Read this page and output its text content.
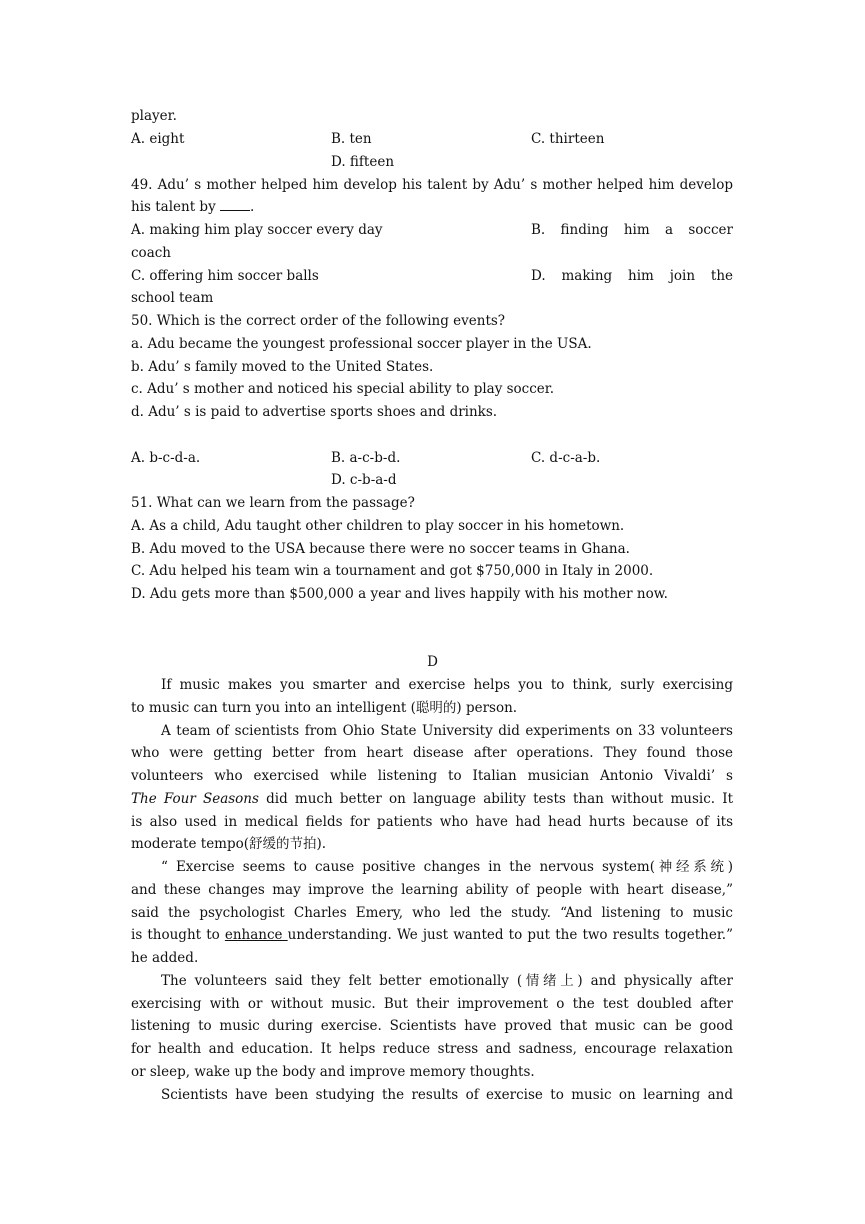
player.
A. eight	B. ten	C. thirteen
D. fifteen
49. Adu’ s mother helped him develop his talent by Adu’ s mother helped him develop
his talent by	.
A. making him play soccer every day	B. finding him a soccer
coach
C. offering him soccer balls	D. making him join the
school team
50. Which is the correct order of the following events?
a. Adu became the youngest professional soccer player in the USA.
b. Adu’ s family moved to the United States.
c. Adu’ s mother and noticed his special ability to play soccer.
d. Adu’ s is paid to advertise sports shoes and drinks.
A. b-c-d-a.	B. a-c-b-d.	C. d-c-a-b.
D. c-b-a-d
51. What can we learn from the passage?
A. As a child, Adu taught other children to play soccer in his hometown.
B. Adu moved to the USA because there were no soccer teams in Ghana.
C. Adu helped his team win a tournament and got $750,000 in Italy in 2000.
D. Adu gets more than $500,000 a year and lives happily with his mother now.
D
If music makes you smarter and exercise helps you to think, surly exercising
to music can turn you into an intelligent (聪明的) person.
A team of scientists from Ohio State University did experiments on 33 volunteers
who were getting better from heart disease after operations. They found those
volunteers who exercised while listening to Italian musician Antonio Vivaldi’ s
The Four Seasons did much better on language ability tests than without music. It
is also used in medical fields for patients who have had head hurts because of its
moderate tempo(舒缓的节拍).
“ Exercise seems to cause positive changes in the nervous system(神经系统)
and these changes may improve the learning ability of people with heart disease,”
said the psychologist Charles Emery, who led the study. “And listening to music
is thought to enhance understanding. We just wanted to put the two results together.”
he added.
The volunteers said they felt better emotionally (情绪上) and physically after
exercising with or without music. But their improvement o the test doubled after
listening to music during exercise. Scientists have proved that music can be good
for health and education. It helps reduce stress and sadness, encourage relaxation
or sleep, wake up the body and improve memory thoughts.
Scientists have been studying the results of exercise to music on learning and
